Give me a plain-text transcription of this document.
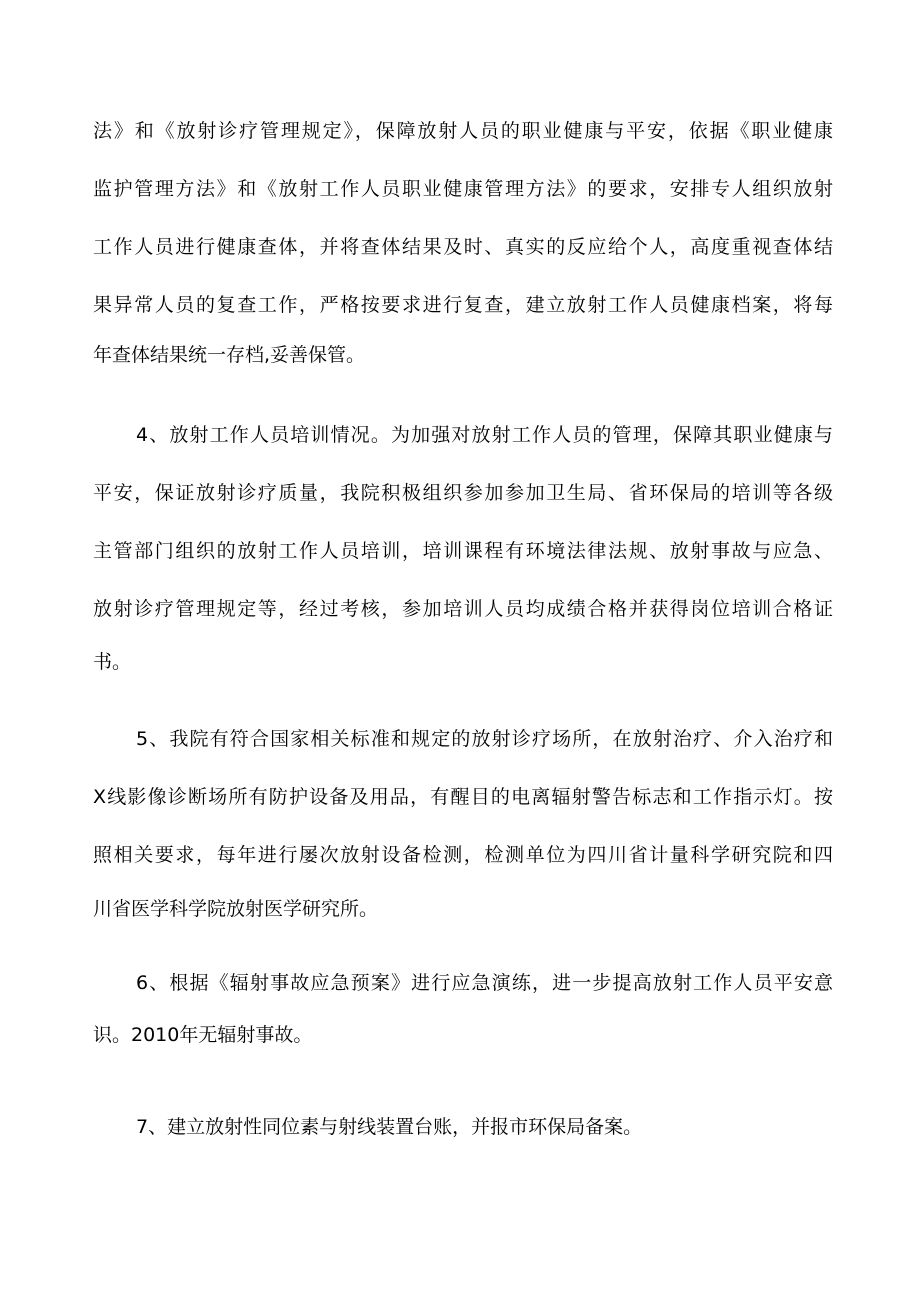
法》和《放射诊疗管理规定》，保障放射人员的职业健康与平安，依据《职业健康
监护管理方法》和《放射工作人员职业健康管理方法》的要求，安排专人组织放射
工作人员进行健康查体，并将查体结果及时、真实的反应给个人，高度重视查体结
果异常人员的复查工作，严格按要求进行复查，建立放射工作人员健康档案，将每
年查体结果统一存档,妥善保管。
4、放射工作人员培训情况。为加强对放射工作人员的管理，保障其职业健康与
平安，保证放射诊疗质量，我院积极组织参加参加卫生局、省环保局的培训等各级
主管部门组织的放射工作人员培训，培训课程有环境法律法规、放射事故与应急、
放射诊疗管理规定等，经过考核，参加培训人员均成绩合格并获得岗位培训合格证
书。
5、我院有符合国家相关标准和规定的放射诊疗场所，在放射治疗、介入治疗和
X线影像诊断场所有防护设备及用品，有醒目的电离辐射警告标志和工作指示灯。按
照相关要求，每年进行屡次放射设备检测，检测单位为四川省计量科学研究院和四
川省医学科学院放射医学研究所。
6、根据《辐射事故应急预案》进行应急演练，进一步提高放射工作人员平安意
识。2010年无辐射事故。
7、建立放射性同位素与射线装置台账，并报市环保局备案。
